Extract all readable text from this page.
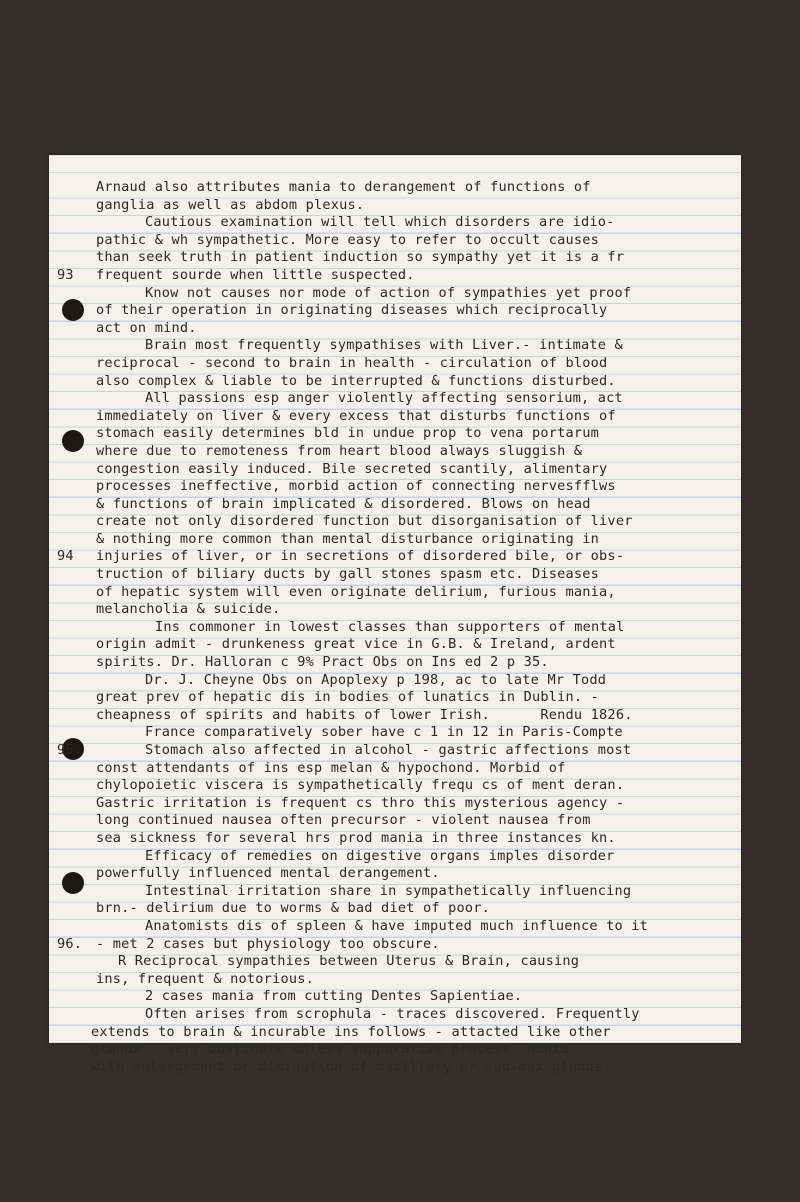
Arnaud also attributes mania to derangement of functions of
ganglia as well as abdom plexus.
Cautious examination will tell which disorders are idio-
pathic & wh sympathetic. More easy to refer to occult causes
than seek truth in patient induction so sympathy yet it is a fr
93 frequent sourde when little suspected.
Know not causes nor mode of action of sympathies yet proof
of their operation in originating diseases which reciprocally
act on mind.
Brain most frequently sympathises with Liver.- intimate &
reciprocal - second to brain in health - circulation of blood
also complex & liable to be interrupted & functions disturbed.
All passions esp anger violently affecting sensorium, act
immediately on liver & every excess that disturbs functions of
stomach easily determines bld in undue prop to vena portarum
where due to remoteness from heart blood always sluggish &
congestion easily induced. Bile secreted scantily, alimentary
processes ineffective, morbid action of connecting nervesfflws
& functions of brain implicated & disordered. Blows on head
create not only disordered function but disorganisation of liver
& nothing more common than mental disturbance originating in
94 injuries of liver, or in secretions of disordered bile, or obs-
truction of biliary ducts by gall stones spasm etc. Diseases
of hepatic system will even originate delirium, furious mania,
melancholia & suicide.
Ins commoner in lowest classes than supporters of mental
origin admit - drunkeness great vice in G.B. & Ireland, ardent
spirits. Dr. Halloran c 9% Pract Obs on Ins ed 2 p 35.
Dr. J. Cheyne Obs on Apoplexy p 198, ac to late Mr Todd
great prev of hepatic dis in bodies of lunatics in Dublin. -
cheapness of spirits and habits of lower Irish.      Rendu 1826.
France comparatively sober have c 1 in 12 in Paris-Compte
95.	Stomach also affected in alcohol - gastric affections most
const attendants of ins esp melan & hypochond. Morbid of
chylopoietic viscera is sympathetically frequ cs of ment deran.
Gastric irritation is frequent cs thro this mysterious agency -
long continued nausea often precursor - violent nausea from
sea sickness for several hrs prod mania in three instances kn.
Efficacy of remedies on digestive organs imples disorder
powerfully influenced mental derangement.
Intestinal irritation share in sympathetically influencing
brn.- delirium due to worms & bad diet of poor.
Anatomists dis of spleen & have imputed much influence to it
96. - met 2 cases but physiology too obscure.
R Reciprocal sympathies between Uterus & Brain, causing
ins, frequent & notorious.
2 cases mania from cutting Dentes Sapientiae.
Often arises from scrophula - traces discovered. Frequently
extends to brain & incurable ins follows - attacted like other
glands - very obstinate unless suppurative process. Mania
with enlargement or diminution of maxillary or sub-max glands.
